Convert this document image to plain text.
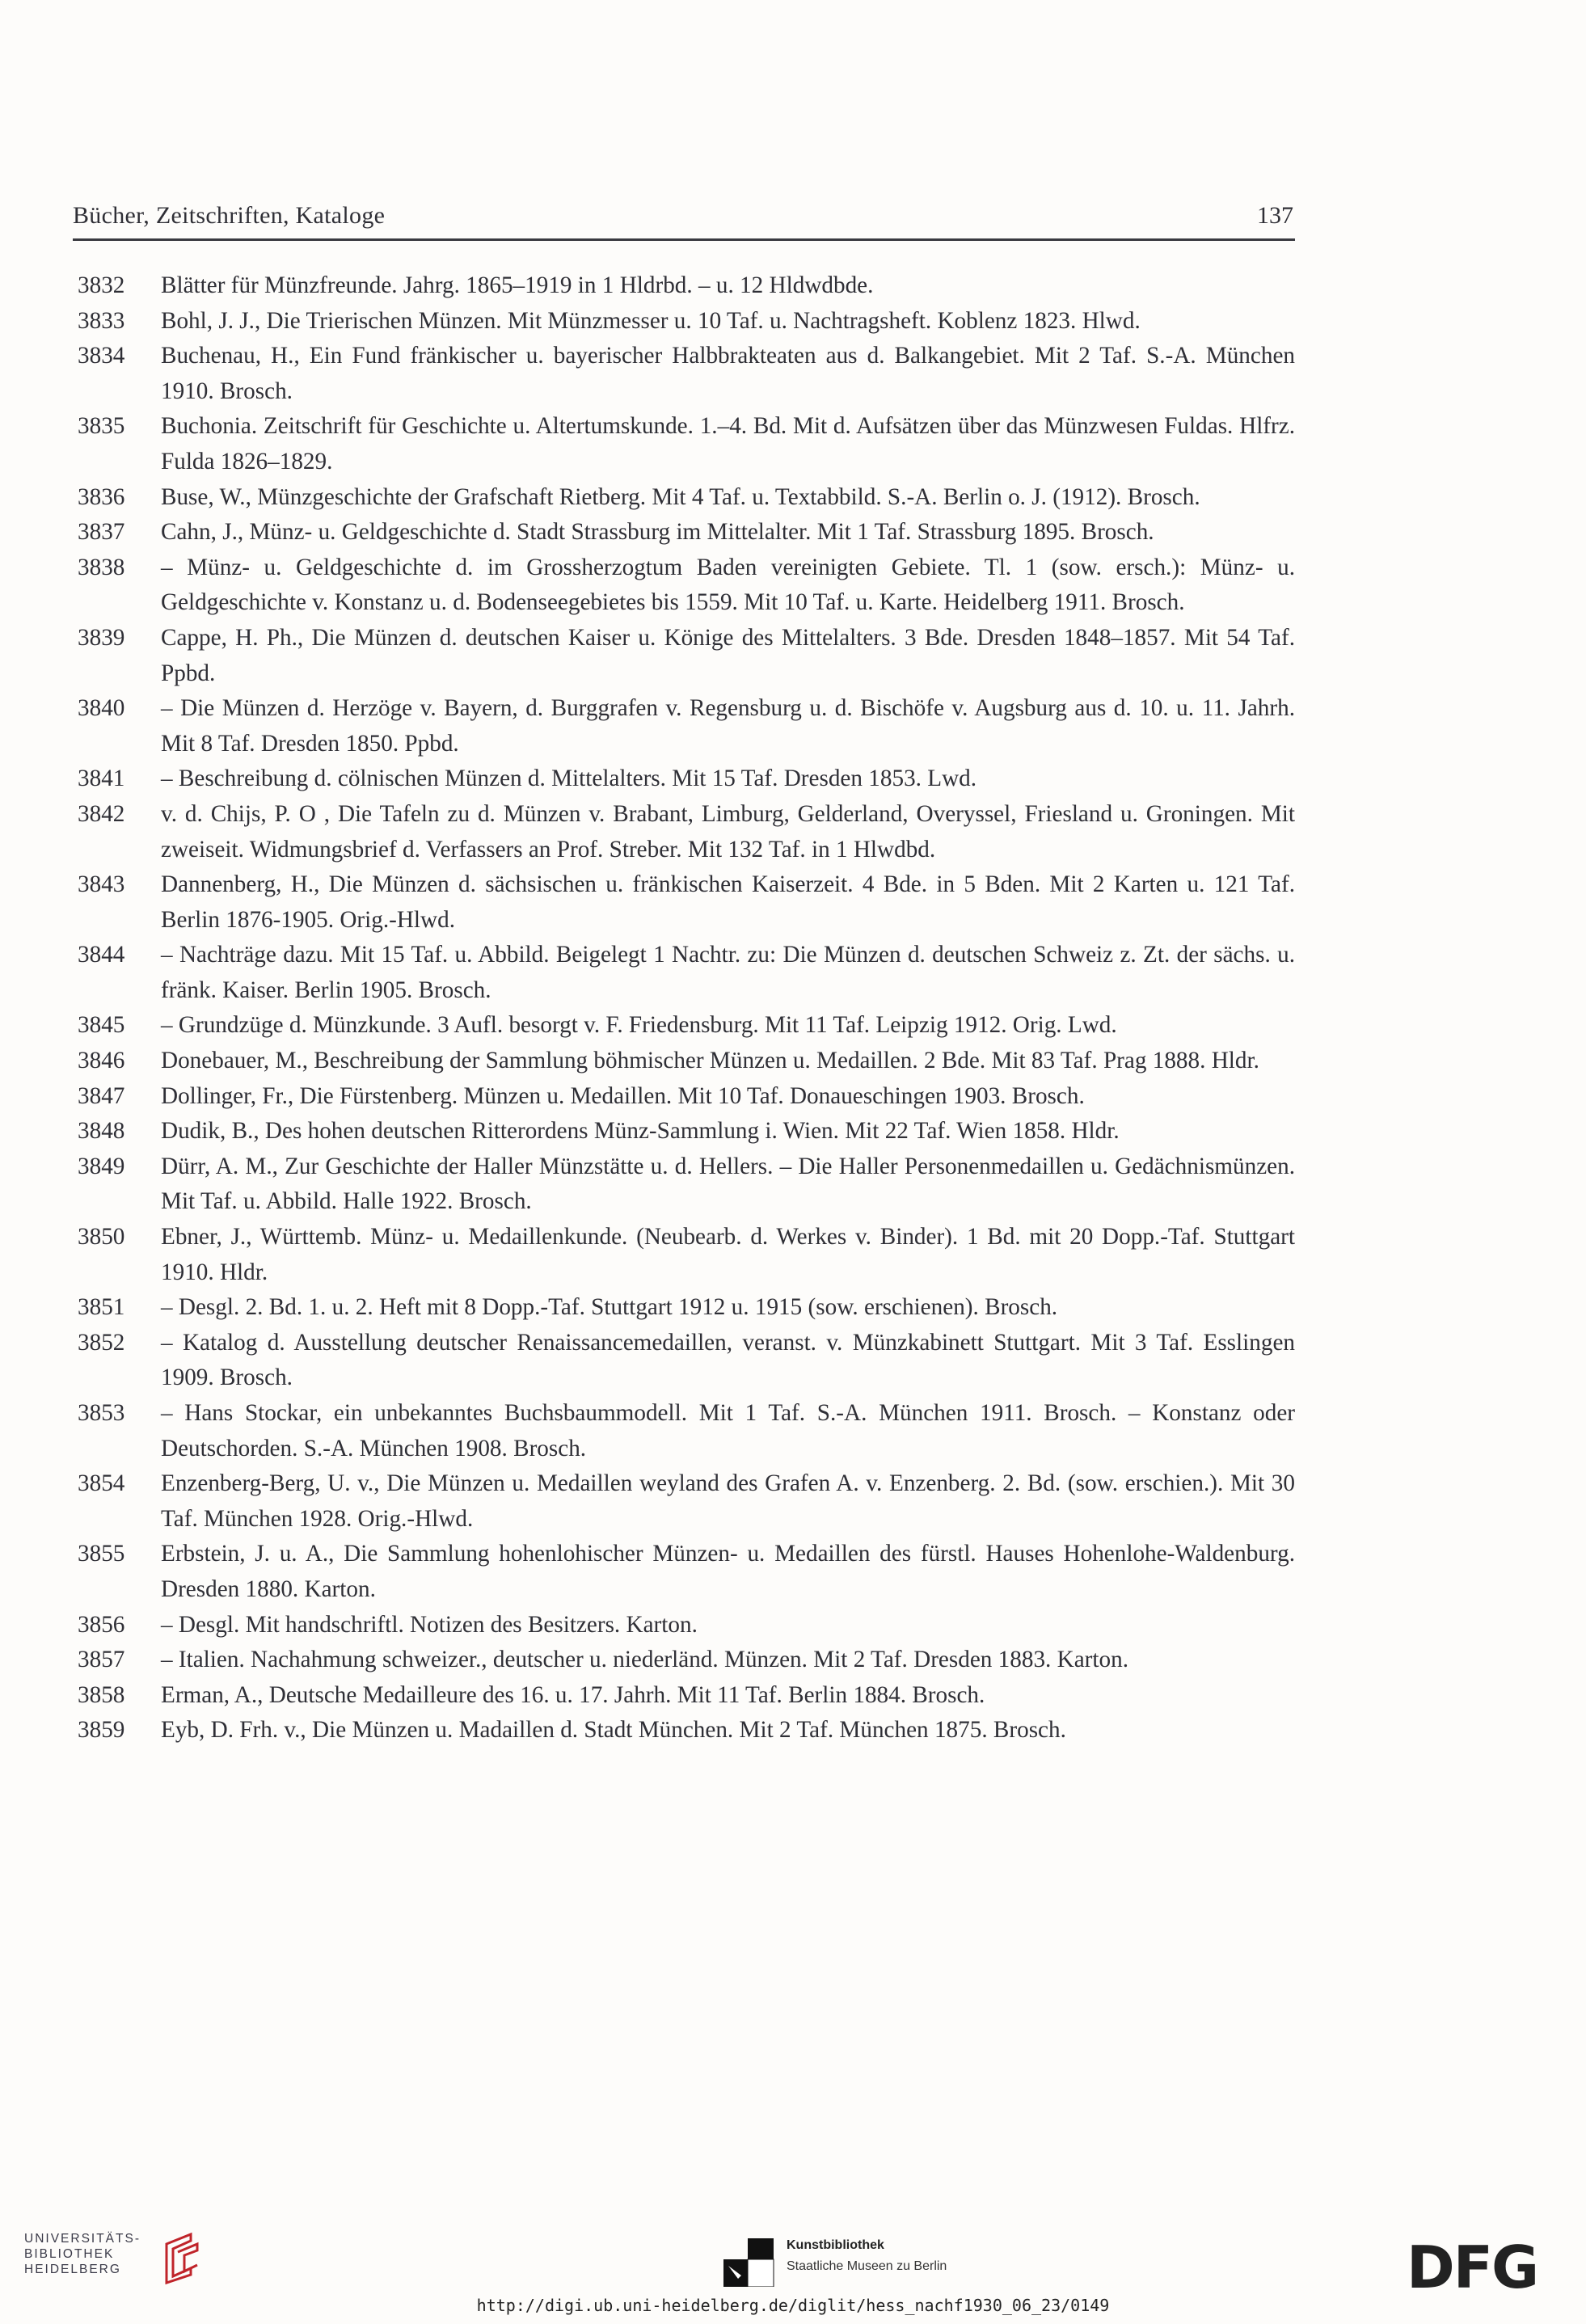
Bücher, Zeitschriften, Kataloge	137
3832	Blätter für Münzfreunde. Jahrg. 1865–1919 in 1 Hldrbd. – u. 12 Hldwdbde.
3833	Bohl, J. J., Die Trierischen Münzen. Mit Münzmesser u. 10 Taf. u. Nachtragsheft. Koblenz 1823. Hlwd.
3834	Buchenau, H., Ein Fund fränkischer u. bayerischer Halbbrakteaten aus d. Balkangebiet. Mit 2 Taf. S.-A. München 1910. Brosch.
3835	Buchonia. Zeitschrift für Geschichte u. Altertumskunde. 1.–4. Bd. Mit d. Aufsätzen über das Münzwesen Fuldas. Hlfrz. Fulda 1826–1829.
3836	Buse, W., Münzgeschichte der Grafschaft Rietberg. Mit 4 Taf. u. Textabbild. S.-A. Berlin o. J. (1912). Brosch.
3837	Cahn, J., Münz- u. Geldgeschichte d. Stadt Strassburg im Mittelalter. Mit 1 Taf. Strassburg 1895. Brosch.
3838	– Münz- u. Geldgeschichte d. im Grossherzogtum Baden vereinigten Gebiete. Tl. 1 (sow. ersch.): Münz- u. Geldgeschichte v. Konstanz u. d. Bodenseegebietes bis 1559. Mit 10 Taf. u. Karte. Heidelberg 1911. Brosch.
3839	Cappe, H. Ph., Die Münzen d. deutschen Kaiser u. Könige des Mittelalters. 3 Bde. Dresden 1848–1857. Mit 54 Taf. Ppbd.
3840	– Die Münzen d. Herzöge v. Bayern, d. Burggrafen v. Regensburg u. d. Bischöfe v. Augsburg aus d. 10. u. 11. Jahrh. Mit 8 Taf. Dresden 1850. Ppbd.
3841	– Beschreibung d. cölnischen Münzen d. Mittelalters. Mit 15 Taf. Dresden 1853. Lwd.
3842	v. d. Chijs, P. O , Die Tafeln zu d. Münzen v. Brabant, Limburg, Gelderland, Overyssel, Friesland u. Groningen. Mit zweiseit. Widmungsbrief d. Verfassers an Prof. Streber. Mit 132 Taf. in 1 Hlwdbd.
3843	Dannenberg, H., Die Münzen d. sächsischen u. fränkischen Kaiserzeit. 4 Bde. in 5 Bden. Mit 2 Karten u. 121 Taf. Berlin 1876-1905. Orig.-Hlwd.
3844	– Nachträge dazu. Mit 15 Taf. u. Abbild. Beigelegt 1 Nachtr. zu: Die Münzen d. deutschen Schweiz z. Zt. der sächs. u. fränk. Kaiser. Berlin 1905. Brosch.
3845	– Grundzüge d. Münzkunde. 3 Aufl. besorgt v. F. Friedensburg. Mit 11 Taf. Leipzig 1912. Orig. Lwd.
3846	Donebauer, M., Beschreibung der Sammlung böhmischer Münzen u. Medaillen. 2 Bde. Mit 83 Taf. Prag 1888. Hldr.
3847	Dollinger, Fr., Die Fürstenberg. Münzen u. Medaillen. Mit 10 Taf. Donaueschingen 1903. Brosch.
3848	Dudik, B., Des hohen deutschen Ritterordens Münz-Sammlung i. Wien. Mit 22 Taf. Wien 1858. Hldr.
3849	Dürr, A. M., Zur Geschichte der Haller Münzstätte u. d. Hellers. – Die Haller Personenmedaillen u. Gedächnismünzen. Mit Taf. u. Abbild. Halle 1922. Brosch.
3850	Ebner, J., Württemb. Münz- u. Medaillenkunde. (Neubearb. d. Werkes v. Binder). 1 Bd. mit 20 Dopp.-Taf. Stuttgart 1910. Hldr.
3851	– Desgl. 2. Bd. 1. u. 2. Heft mit 8 Dopp.-Taf. Stuttgart 1912 u. 1915 (sow. erschienen). Brosch.
3852	– Katalog d. Ausstellung deutscher Renaissancemedaillen, veranst. v. Münzkabinett Stuttgart. Mit 3 Taf. Esslingen 1909. Brosch.
3853	– Hans Stockar, ein unbekanntes Buchsbaummodell. Mit 1 Taf. S.-A. München 1911. Brosch. – Konstanz oder Deutschorden. S.-A. München 1908. Brosch.
3854	Enzenberg-Berg, U. v., Die Münzen u. Medaillen weyland des Grafen A. v. Enzenberg. 2. Bd. (sow. erschien.). Mit 30 Taf. München 1928. Orig.-Hlwd.
3855	Erbstein, J. u. A., Die Sammlung hohenlohischer Münzen- u. Medaillen des fürstl. Hauses Hohenlohe-Waldenburg. Dresden 1880. Karton.
3856	– Desgl. Mit handschriftl. Notizen des Besitzers. Karton.
3857	– Italien. Nachahmung schweizer., deutscher u. niederländ. Münzen. Mit 2 Taf. Dresden 1883. Karton.
3858	Erman, A., Deutsche Medailleure des 16. u. 17. Jahrh. Mit 11 Taf. Berlin 1884. Brosch.
3859	Eyb, D. Frh. v., Die Münzen u. Madaillen d. Stadt München. Mit 2 Taf. München 1875. Brosch.
UNIVERSITÄTS-
BIBLIOTHEK
HEIDELBERG
Kunstbibliothek
Staatliche Museen zu Berlin	DFG
http://digi.ub.uni-heidelberg.de/diglit/hess_nachf1930_06_23/0149
